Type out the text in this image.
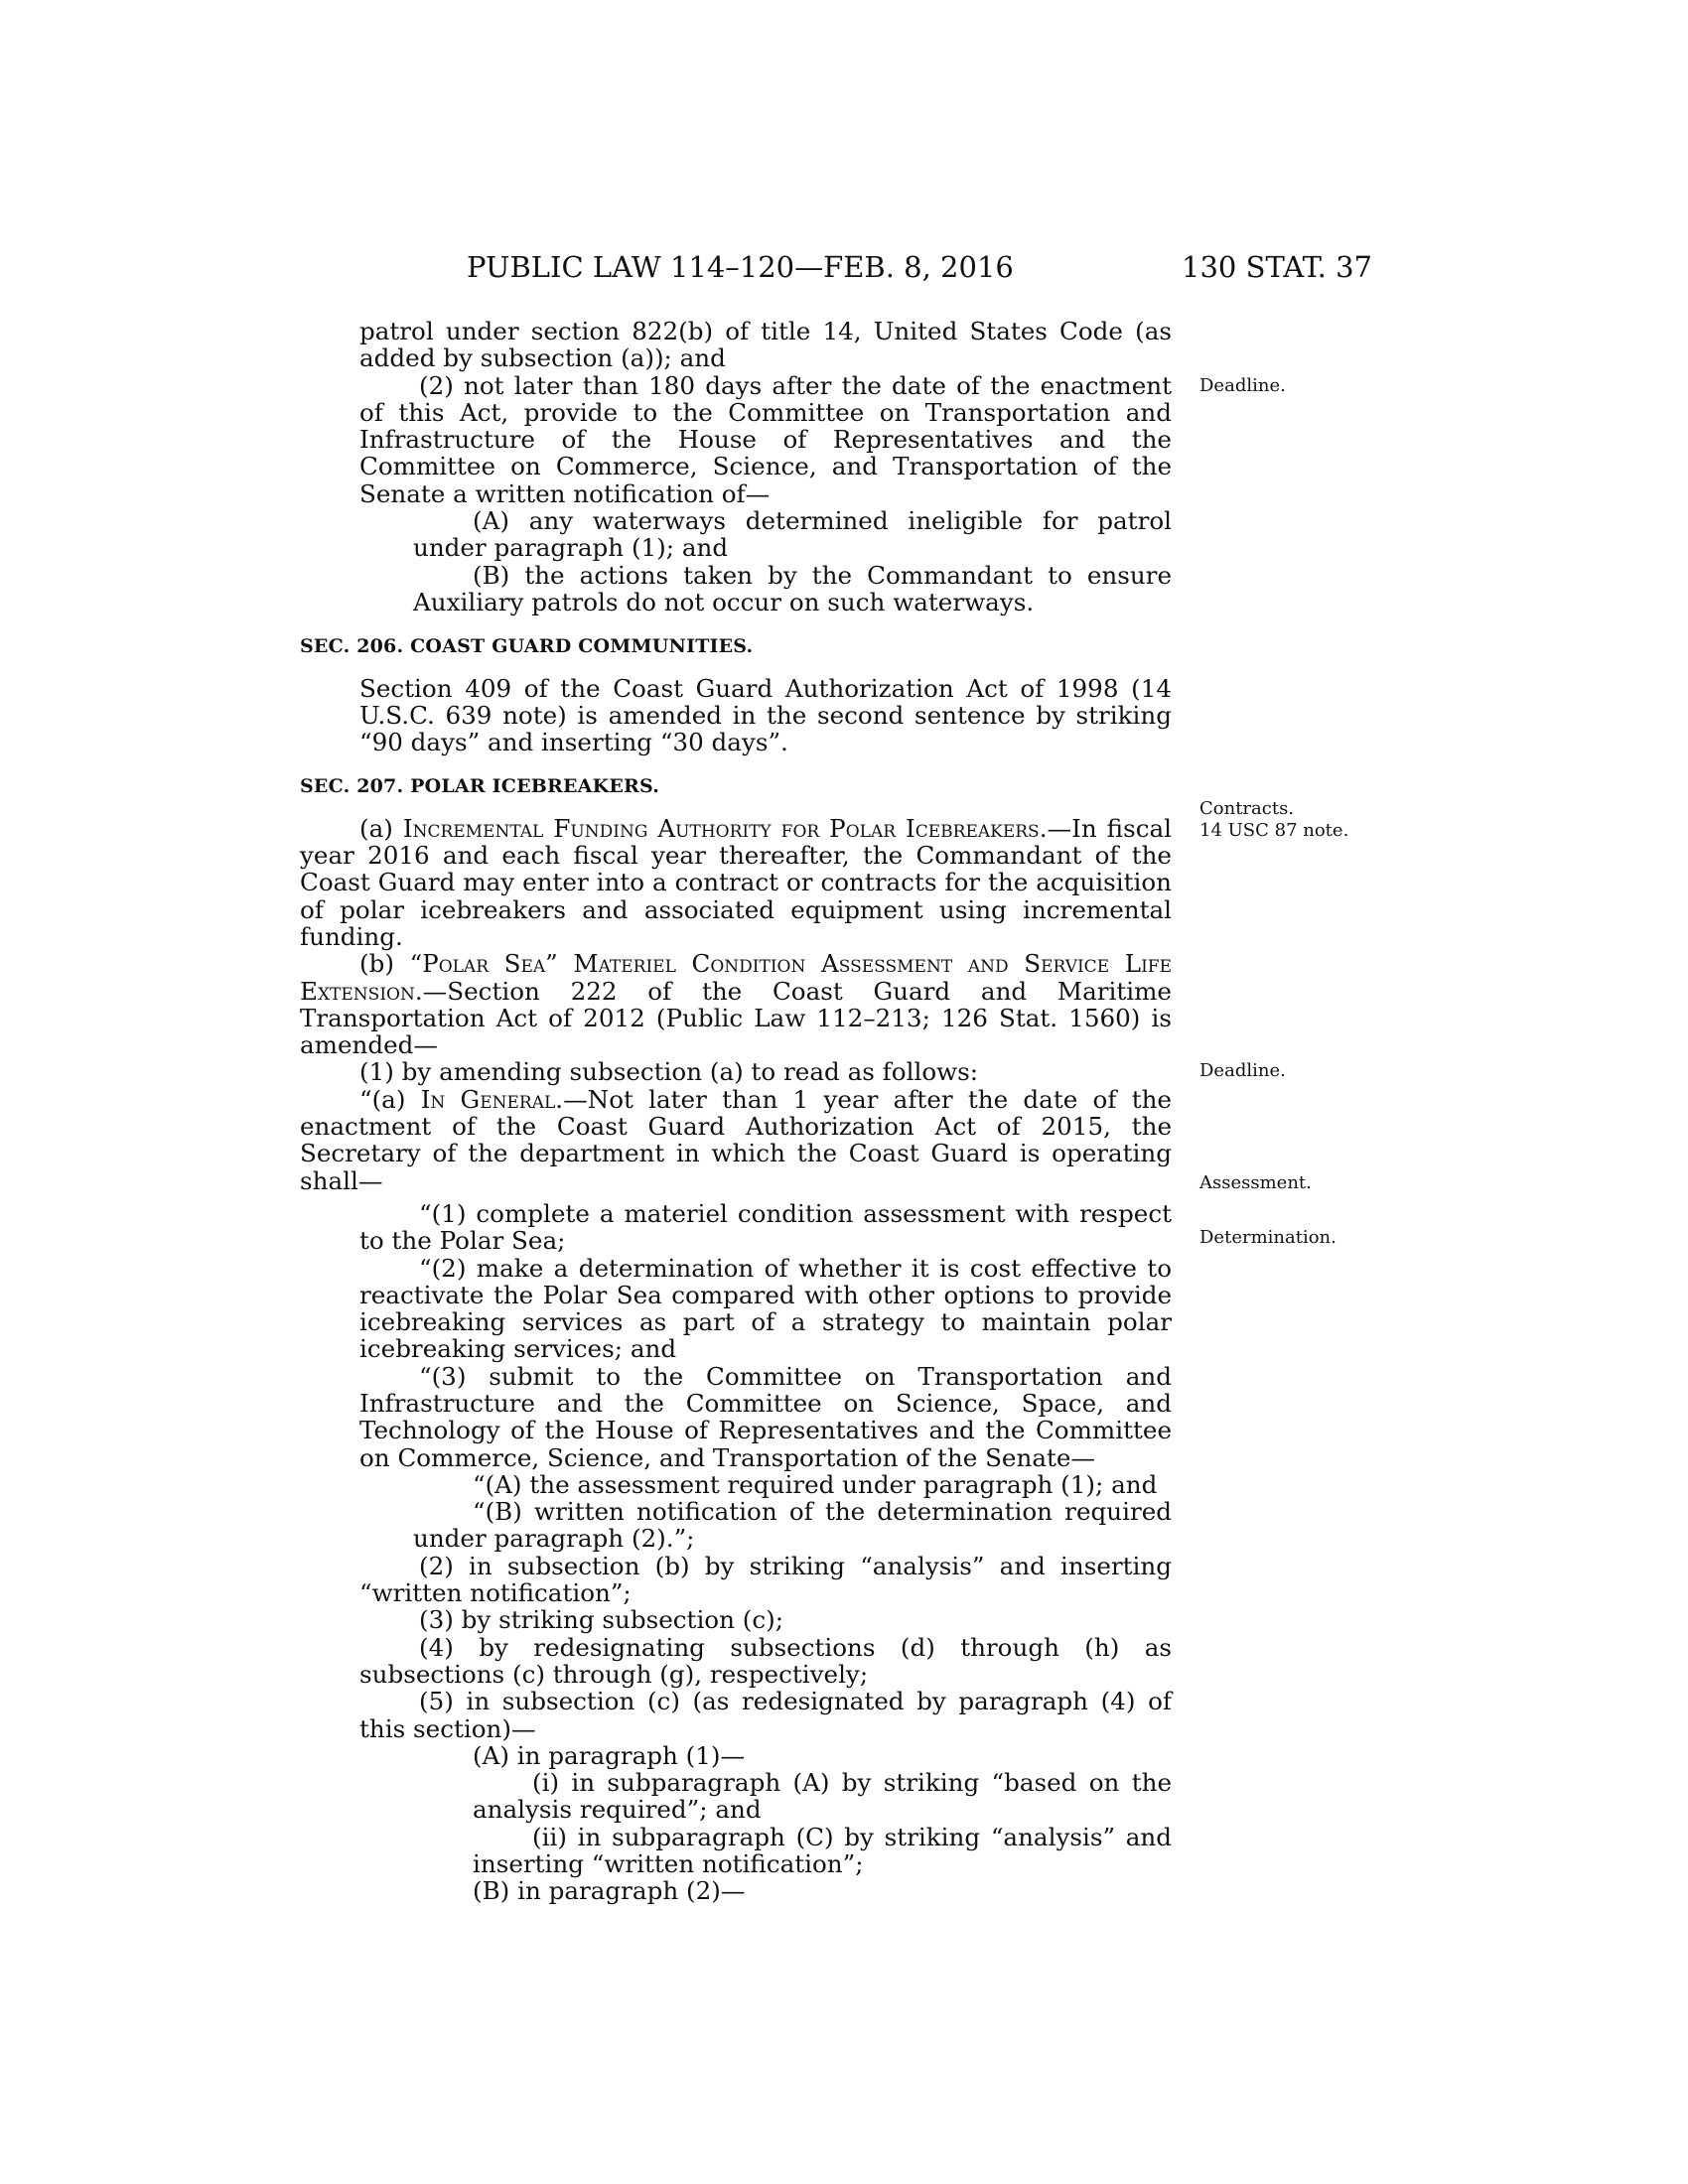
PUBLIC LAW 114–120—FEB. 8, 2016	130 STAT. 37

patrol under section 822(b) of title 14, United States Code (as added by subsection (a)); and

(2) not later than 180 days after the date of the enactment of this Act, provide to the Committee on Transportation and Infrastructure of the House of Representatives and the Committee on Commerce, Science, and Transportation of the Senate a written notification of—

(A) any waterways determined ineligible for patrol under paragraph (1); and

(B) the actions taken by the Commandant to ensure Auxiliary patrols do not occur on such waterways.

SEC. 206. COAST GUARD COMMUNITIES.

Section 409 of the Coast Guard Authorization Act of 1998 (14 U.S.C. 639 note) is amended in the second sentence by striking “90 days” and inserting “30 days”.

SEC. 207. POLAR ICEBREAKERS.

(a) Incremental Funding Authority for Polar Icebreakers.—In fiscal year 2016 and each fiscal year thereafter, the Commandant of the Coast Guard may enter into a contract or contracts for the acquisition of polar icebreakers and associated equipment using incremental funding.

(b) “Polar Sea” Materiel Condition Assessment and Service Life Extension.—Section 222 of the Coast Guard and Maritime Transportation Act of 2012 (Public Law 112–213; 126 Stat. 1560) is amended—

(1) by amending subsection (a) to read as follows:

“(a) In General.—Not later than 1 year after the date of the enactment of the Coast Guard Authorization Act of 2015, the Secretary of the department in which the Coast Guard is operating shall—

“(1) complete a materiel condition assessment with respect to the Polar Sea;

“(2) make a determination of whether it is cost effective to reactivate the Polar Sea compared with other options to provide icebreaking services as part of a strategy to maintain polar icebreaking services; and

“(3) submit to the Committee on Transportation and Infrastructure and the Committee on Science, Space, and Technology of the House of Representatives and the Committee on Commerce, Science, and Transportation of the Senate—

“(A) the assessment required under paragraph (1); and

“(B) written notification of the determination required under paragraph (2).”;

(2) in subsection (b) by striking “analysis” and inserting “written notification”;

(3) by striking subsection (c);

(4) by redesignating subsections (d) through (h) as subsections (c) through (g), respectively;

(5) in subsection (c) (as redesignated by paragraph (4) of this section)—

(A) in paragraph (1)—

(i) in subparagraph (A) by striking “based on the analysis required”; and

(ii) in subparagraph (C) by striking “analysis” and inserting “written notification”;

(B) in paragraph (2)—

Deadline.
Contracts.
14 USC 87 note.
Deadline.
Assessment.
Determination.
